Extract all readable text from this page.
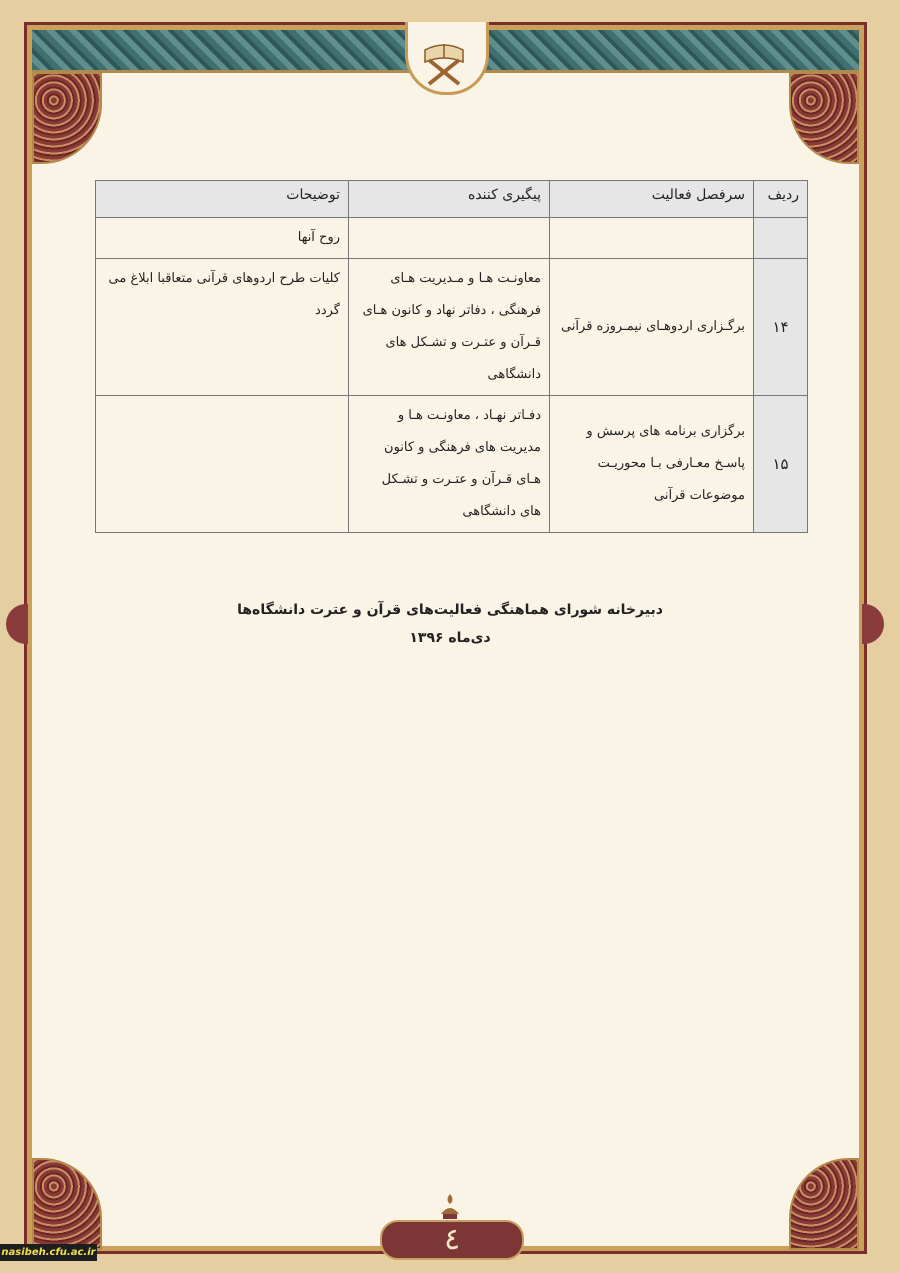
ردیف	سرفصل فعالیت	پیگیری کننده	توضیحات
			روح آنها
۱۴	برگـزاری اردوهـای نیمـروزه قرآنی	معاونـت هـا و مـدیریت هـای فرهنگی ، دفاتر نهاد و کانون هـای قـرآن و عتـرت و تشـکل های دانشگاهی	کلیات طرح اردوهای قرآنی متعاقبا ابلاغ می گردد
۱۵	برگزاری برنامه های پرسش و پاسـخ معـارفی بـا محوریـت موضوعات قرآنی	دفـاتر نهـاد ، معاونـت هـا و مدیریت های فرهنگی و کانون هـای قـرآن و عتـرت و تشـکل های دانشگاهی	
دبیرخانه شورای هماهنگی فعالیت‌های قرآن و عترت دانشگاه‌ها
دی‌ماه ۱۳۹۶
٤
nasibeh.cfu.ac.ir
